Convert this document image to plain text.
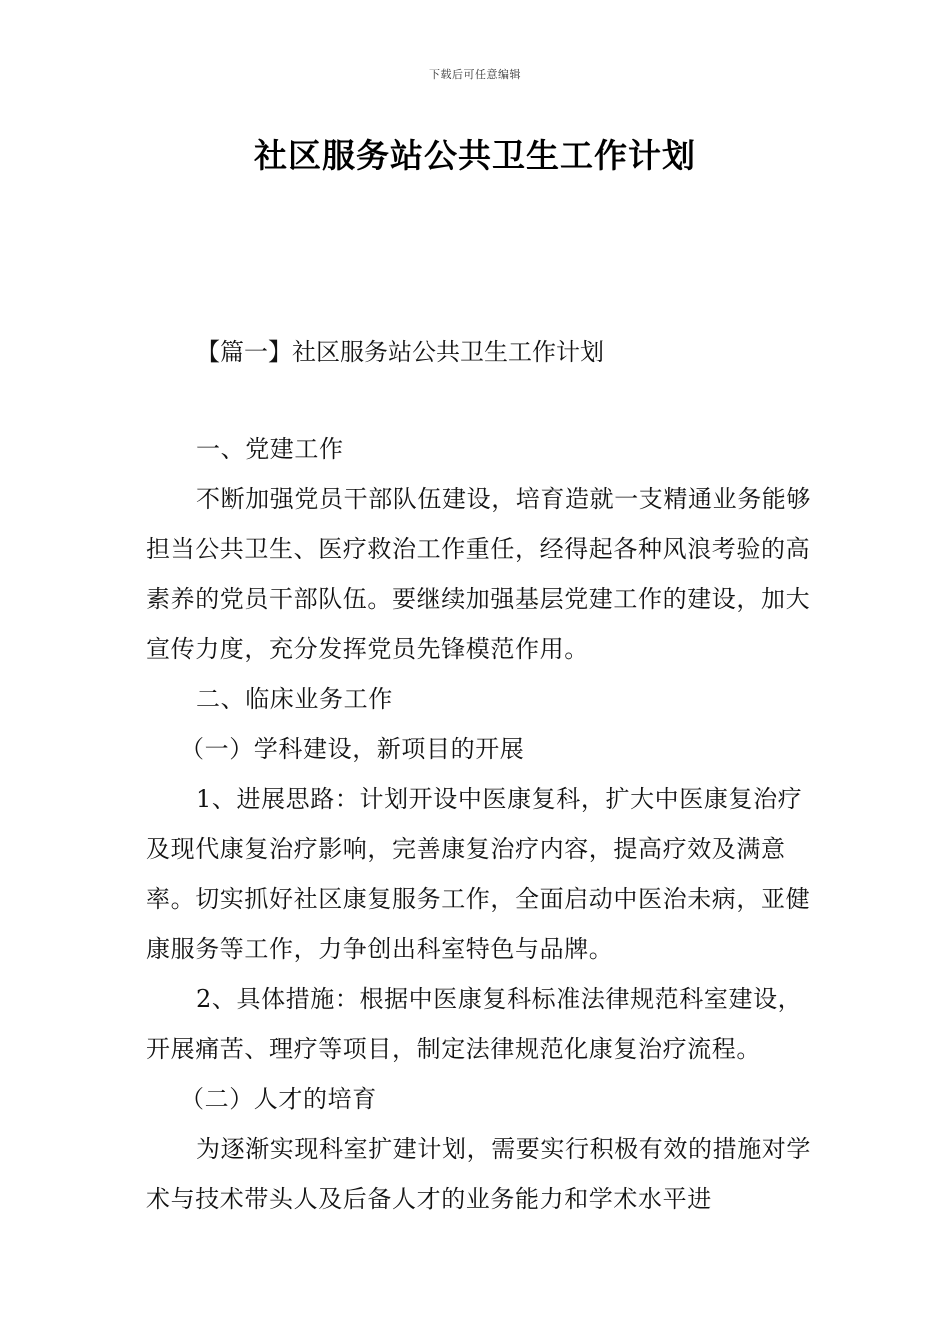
下载后可任意编辑
社区服务站公共卫生工作计划
【篇一】社区服务站公共卫生工作计划

一、党建工作

不断加强党员干部队伍建设，培育造就一支精通业务能够担当公共卫生、医疗救治工作重任，经得起各种风浪考验的高素养的党员干部队伍。要继续加强基层党建工作的建设，加大宣传力度，充分发挥党员先锋模范作用。

二、临床业务工作

（一）学科建设，新项目的开展

1、进展思路：计划开设中医康复科，扩大中医康复治疗及现代康复治疗影响，完善康复治疗内容，提高疗效及满意率。切实抓好社区康复服务工作，全面启动中医治未病，亚健康服务等工作，力争创出科室特色与品牌。

2、具体措施：根据中医康复科标准法律规范科室建设，开展痛苦、理疗等项目，制定法律规范化康复治疗流程。

（二）人才的培育

为逐渐实现科室扩建计划，需要实行积极有效的措施对学术与技术带头人及后备人才的业务能力和学术水平进
